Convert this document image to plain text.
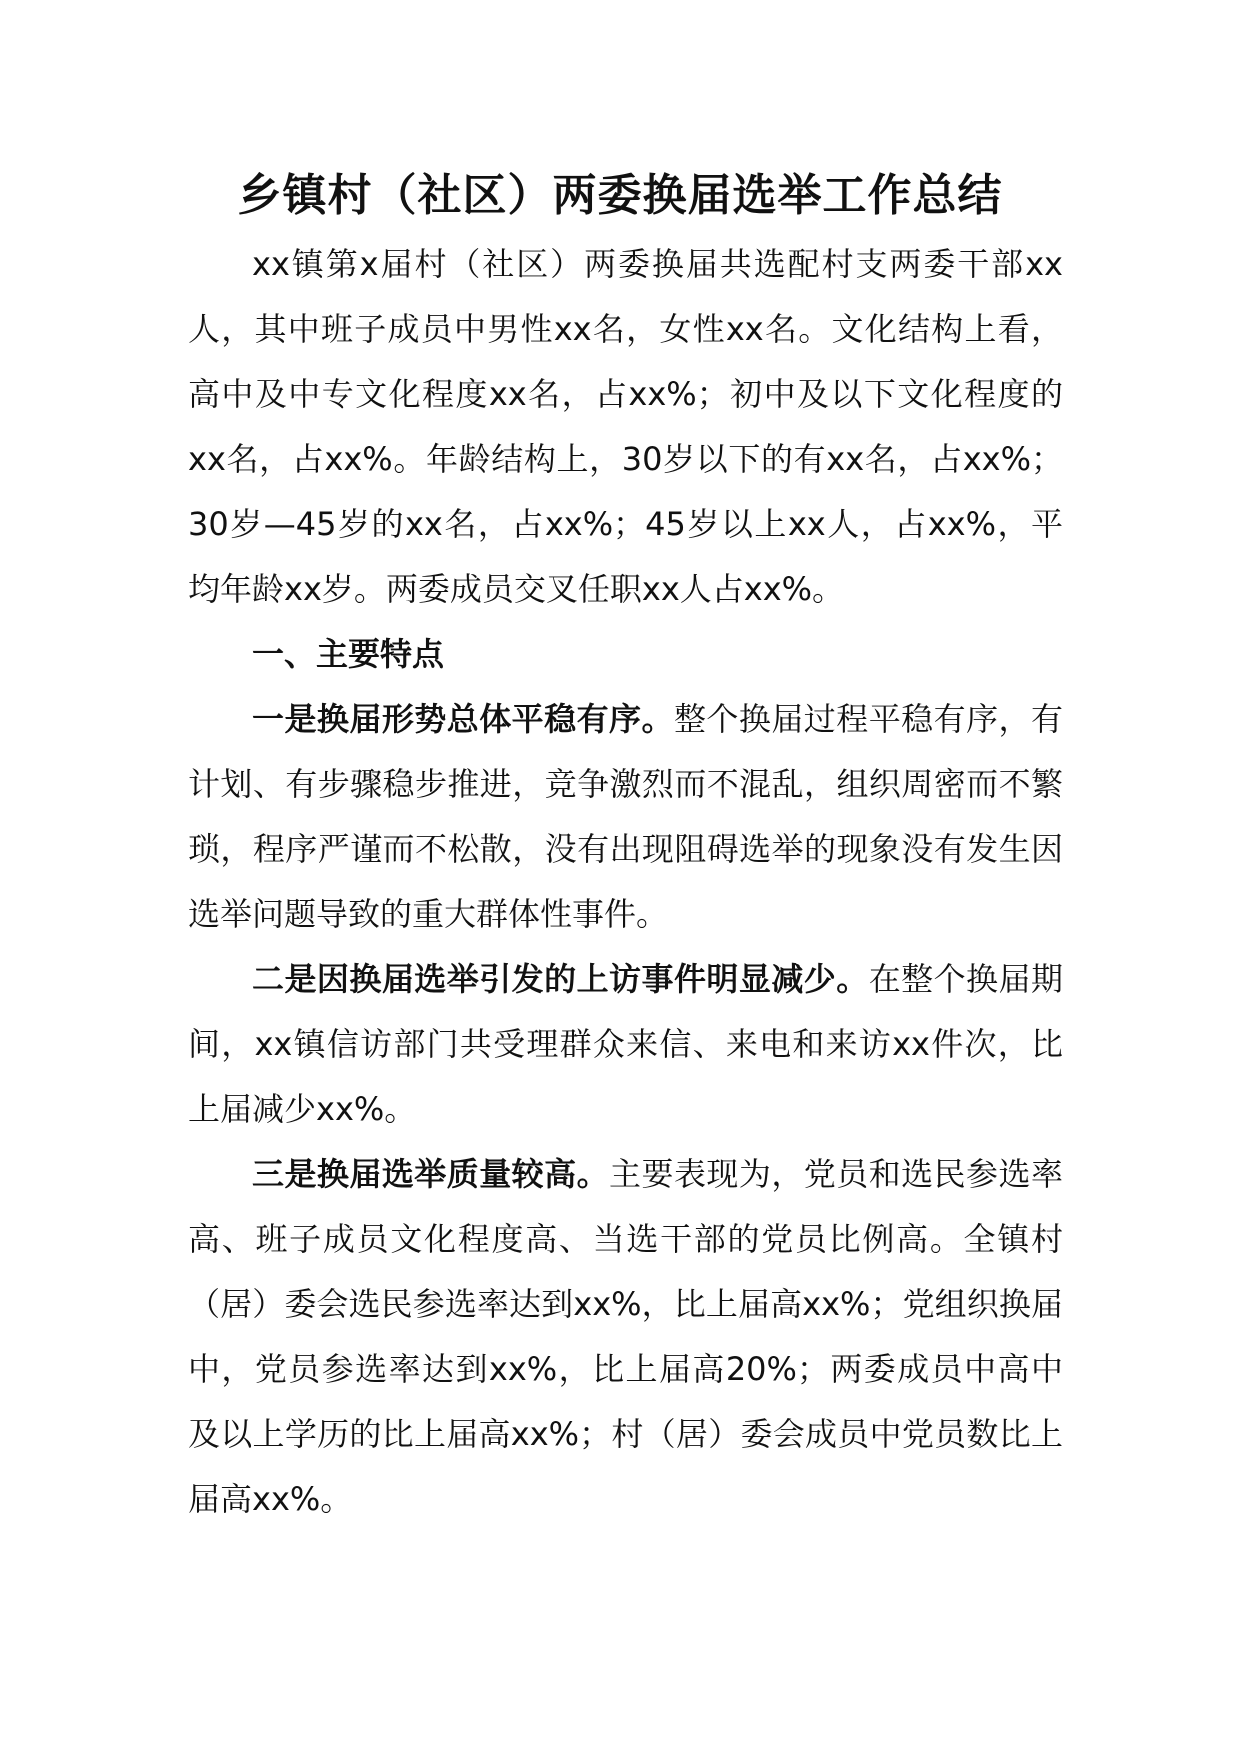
乡镇村（社区）两委换届选举工作总结

xx镇第x届村（社区）两委换届共选配村支两委干部xx人，其中班子成员中男性xx名，女性xx名。文化结构上看，高中及中专文化程度xx名，占xx%；初中及以下文化程度的xx名，占xx%。年龄结构上，30岁以下的有xx名，占xx%；30岁—45岁的xx名，占xx%；45岁以上xx人，占xx%，平均年龄xx岁。两委成员交叉任职xx人占xx%。

一、主要特点

一是换届形势总体平稳有序。整个换届过程平稳有序，有计划、有步骤稳步推进，竞争激烈而不混乱，组织周密而不繁琐，程序严谨而不松散，没有出现阻碍选举的现象没有发生因选举问题导致的重大群体性事件。

二是因换届选举引发的上访事件明显减少。在整个换届期间，xx镇信访部门共受理群众来信、来电和来访xx件次，比上届减少xx%。

三是换届选举质量较高。主要表现为，党员和选民参选率高、班子成员文化程度高、当选干部的党员比例高。全镇村（居）委会选民参选率达到xx%，比上届高xx%；党组织换届中，党员参选率达到xx%，比上届高20%；两委成员中高中及以上学历的比上届高xx%；村（居）委会成员中党员数比上届高xx%。
